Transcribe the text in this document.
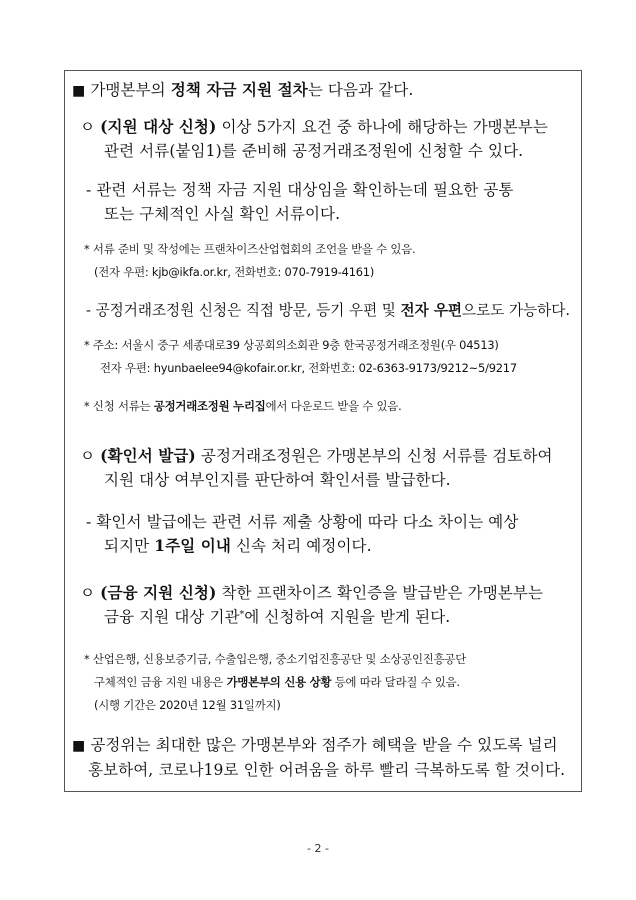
■ 가맹본부의 정책 자금 지원 절차는 다음과 같다.
ㅇ (지원 대상 신청) 이상 5가지 요건 중 하나에 해당하는 가맹본부는
관련 서류(붙임1)를 준비해 공정거래조정원에 신청할 수 있다.
- 관련 서류는 정책 자금 지원 대상임을 확인하는데 필요한 공통
또는 구체적인 사실 확인 서류이다.
* 서류 준비 및 작성에는 프랜차이즈산업협회의 조언을 받을 수 있음.
(전자 우편: kjb@ikfa.or.kr, 전화번호: 070-7919-4161)
- 공정거래조정원 신청은 직접 방문, 등기 우편 및 전자 우편으로도 가능하다.
* 주소: 서울시 중구 세종대로39 상공회의소회관 9층 한국공정거래조정원(우 04513)
전자 우편: hyunbaelee94@kofair.or.kr, 전화번호: 02-6363-9173/9212~5/9217
* 신청 서류는 공정거래조정원 누리집에서 다운로드 받을 수 있음.
ㅇ (확인서 발급) 공정거래조정원은 가맹본부의 신청 서류를 검토하여
지원 대상 여부인지를 판단하여 확인서를 발급한다.
- 확인서 발급에는 관련 서류 제출 상황에 따라 다소 차이는 예상
되지만 1주일 이내 신속 처리 예정이다.
ㅇ (금융 지원 신청) 착한 프랜차이즈 확인증을 발급받은 가맹본부는
금융 지원 대상 기관*에 신청하여 지원을 받게 된다.
* 산업은행, 신용보증기금, 수출입은행, 중소기업진흥공단 및 소상공인진흥공단
구체적인 금융 지원 내용은 가맹본부의 신용 상황 등에 따라 달라질 수 있음.
(시행 기간은 2020년 12월 31일까지)
■ 공정위는 최대한 많은 가맹본부와 점주가 혜택을 받을 수 있도록 널리
홍보하여, 코로나19로 인한 어려움을 하루 빨리 극복하도록 할 것이다.
- 2 -
